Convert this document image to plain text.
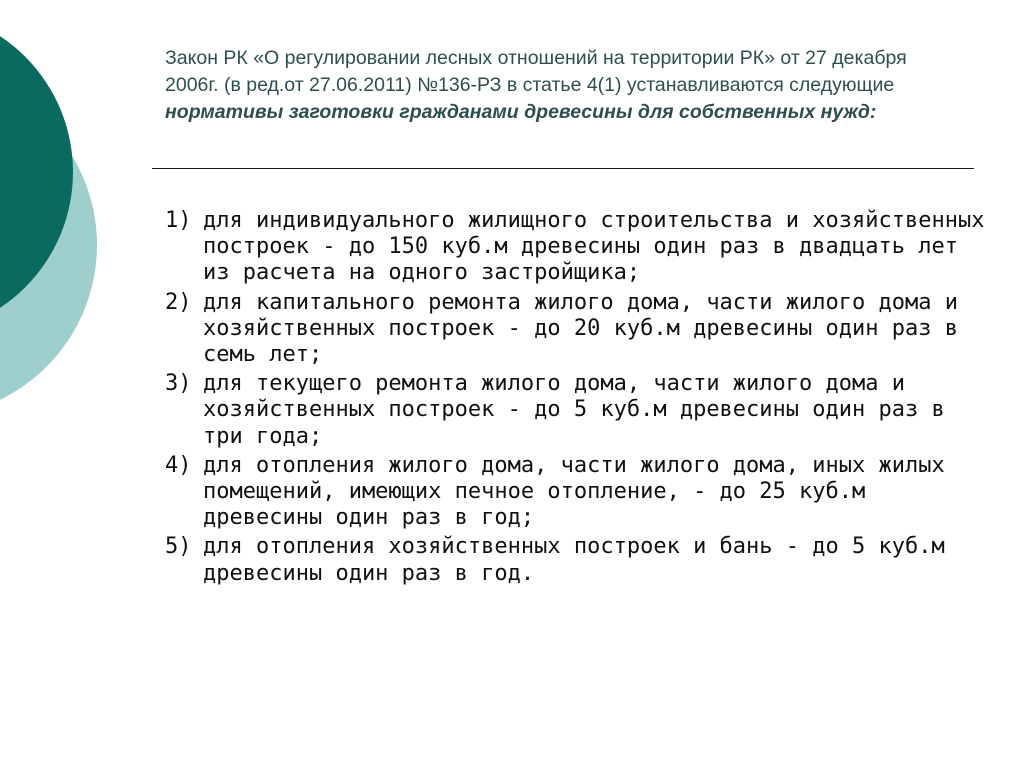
Закон РК «О регулировании лесных отношений на территории РК» от 27 декабря 2006г. (в ред.от 27.06.2011) №136-РЗ в статье 4(1) устанавливаются следующие нормативы заготовки гражданами древесины для собственных нужд:
1) для индивидуального жилищного строительства и хозяйственных построек - до 150 куб.м древесины один раз в двадцать лет из расчета на одного застройщика;
2) для капитального ремонта жилого дома, части жилого дома и хозяйственных построек - до 20 куб.м древесины один раз в семь лет;
3) для текущего ремонта жилого дома, части жилого дома и хозяйственных построек - до 5 куб.м древесины один раз в три года;
4) для отопления жилого дома, части жилого дома, иных жилых помещений, имеющих печное отопление, - до 25 куб.м древесины один раз в год;
5) для отопления хозяйственных построек и бань - до 5 куб.м древесины один раз в год.
